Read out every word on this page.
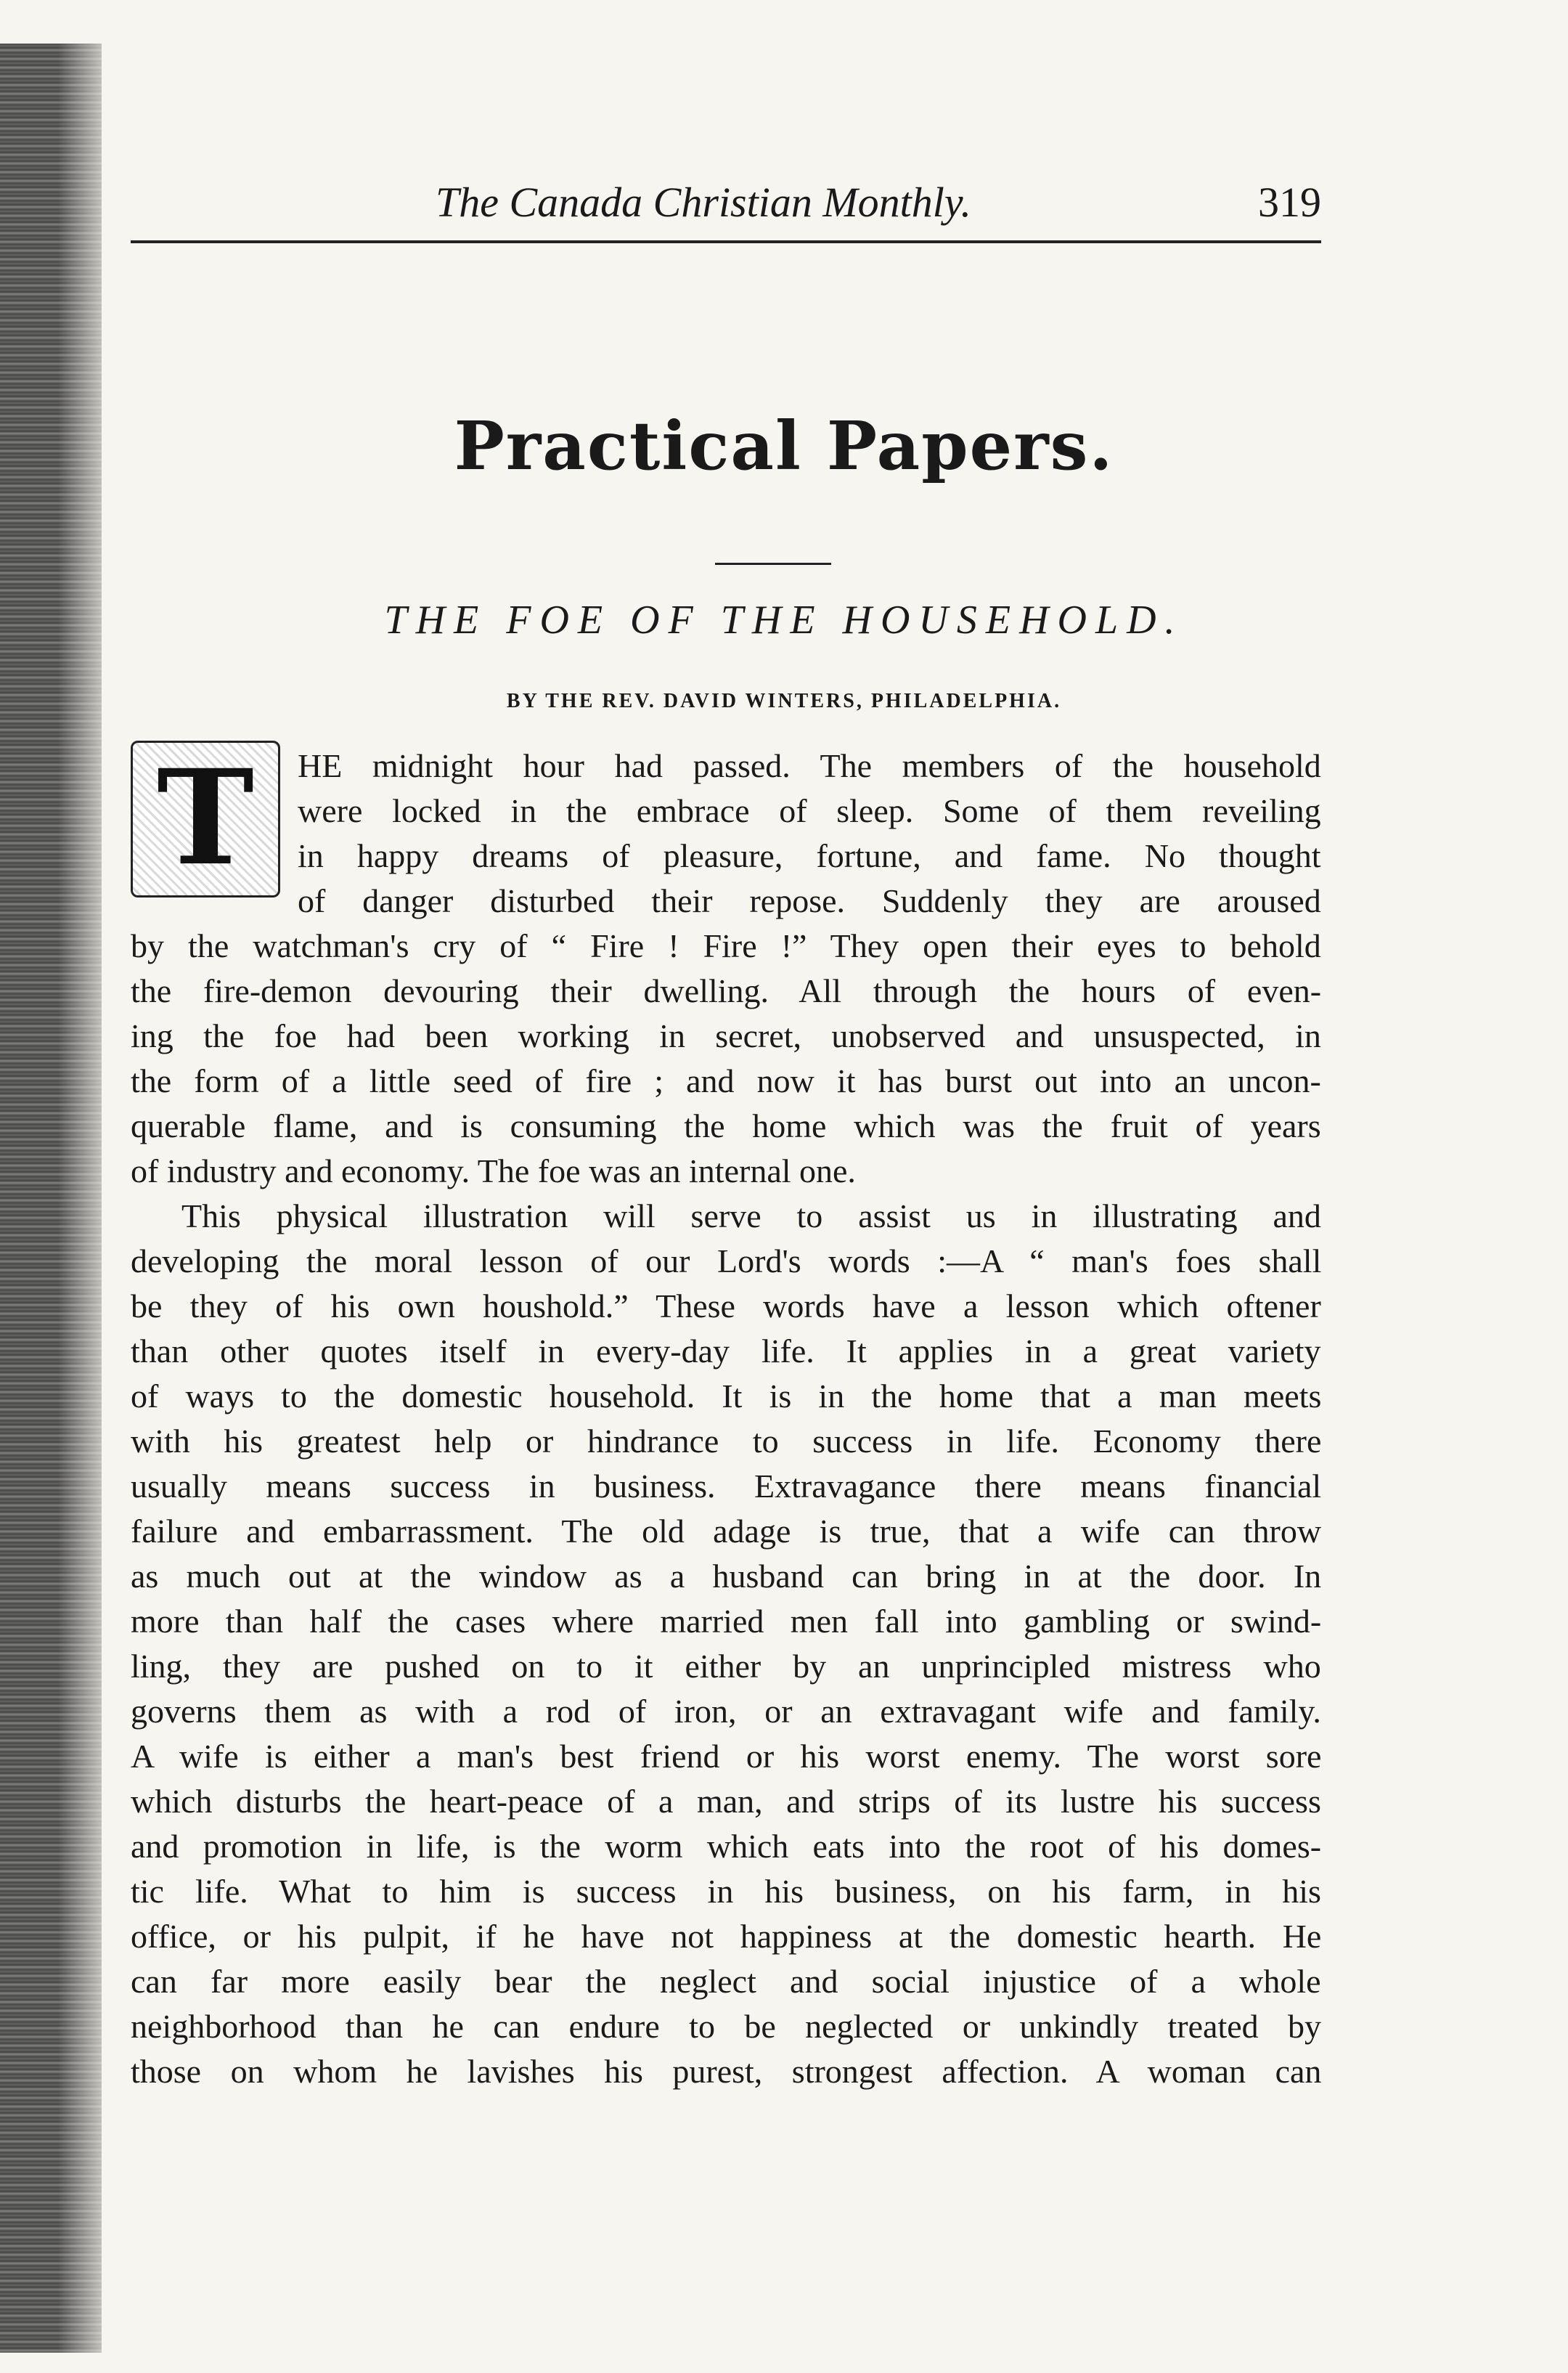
The Canada Christian Monthly.	319
Practical Papers.
THE FOE OF THE HOUSEHOLD.
BY THE REV. DAVID WINTERS, PHILADELPHIA.
T	HE midnight hour had passed. The members of the household
were locked in the embrace of sleep. Some of them reveiling
in happy dreams of pleasure, fortune, and fame. No thought
of danger disturbed their repose. Suddenly they are aroused
by the watchman's cry of “ Fire ! Fire !” They open their eyes to behold
the fire-demon devouring their dwelling. All through the hours of even-
ing the foe had been working in secret, unobserved and unsuspected, in
the form of a little seed of fire ; and now it has burst out into an uncon-
querable flame, and is consuming the home which was the fruit of years
of industry and economy. The foe was an internal one.
This physical illustration will serve to assist us in illustrating and
developing the moral lesson of our Lord's words :—A “ man's foes shall
be they of his own houshold.” These words have a lesson which oftener
than other quotes itself in every-day life. It applies in a great variety
of ways to the domestic household. It is in the home that a man meets
with his greatest help or hindrance to success in life. Economy there
usually means success in business. Extravagance there means financial
failure and embarrassment. The old adage is true, that a wife can throw
as much out at the window as a husband can bring in at the door. In
more than half the cases where married men fall into gambling or swind-
ling, they are pushed on to it either by an unprincipled mistress who
governs them as with a rod of iron, or an extravagant wife and family.
A wife is either a man's best friend or his worst enemy. The worst sore
which disturbs the heart-peace of a man, and strips of its lustre his success
and promotion in life, is the worm which eats into the root of his domes-
tic life. What to him is success in his business, on his farm, in his
office, or his pulpit, if he have not happiness at the domestic hearth. He
can far more easily bear the neglect and social injustice of a whole
neighborhood than he can endure to be neglected or unkindly treated by
those on whom he lavishes his purest, strongest affection. A woman can
